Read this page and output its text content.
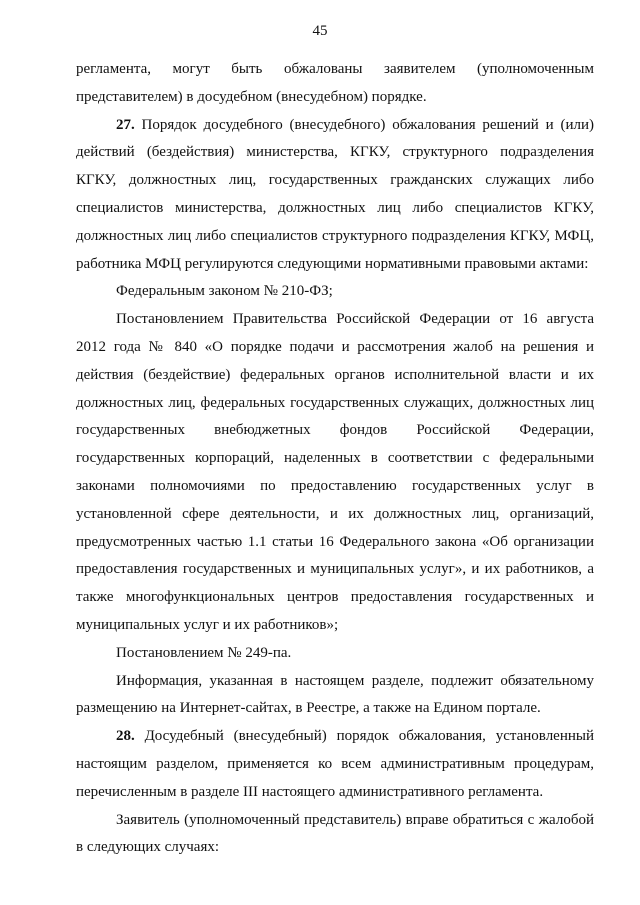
45

регламента, могут быть обжалованы заявителем (уполномоченным представителем) в досудебном (внесудебном) порядке.

27. Порядок досудебного (внесудебного) обжалования решений и (или) действий (бездействия) министерства, КГКУ, структурного подразделения КГКУ, должностных лиц, государственных гражданских служащих либо специалистов министерства, должностных лиц либо специалистов КГКУ, должностных лиц либо специалистов структурного подразделения КГКУ, МФЦ, работника МФЦ регулируются следующими нормативными правовыми актами:

Федеральным законом № 210-ФЗ;

Постановлением Правительства Российской Федерации от 16 августа 2012 года № 840 «О порядке подачи и рассмотрения жалоб на решения и действия (бездействие) федеральных органов исполнительной власти и их должностных лиц, федеральных государственных служащих, должностных лиц государственных внебюджетных фондов Российской Федерации, государственных корпораций, наделенных в соответствии с федеральными законами полномочиями по предоставлению государственных услуг в установленной сфере деятельности, и их должностных лиц, организаций, предусмотренных частью 1.1 статьи 16 Федерального закона «Об организации предоставления государственных и муниципальных услуг», и их работников, а также многофункциональных центров предоставления государственных и муниципальных услуг и их работников»;

Постановлением № 249-па.

Информация, указанная в настоящем разделе, подлежит обязательному размещению на Интернет-сайтах, в Реестре, а также на Едином портале.

28. Досудебный (внесудебный) порядок обжалования, установленный настоящим разделом, применяется ко всем административным процедурам, перечисленным в разделе III настоящего административного регламента.

Заявитель (уполномоченный представитель) вправе обратиться с жалобой в следующих случаях:
